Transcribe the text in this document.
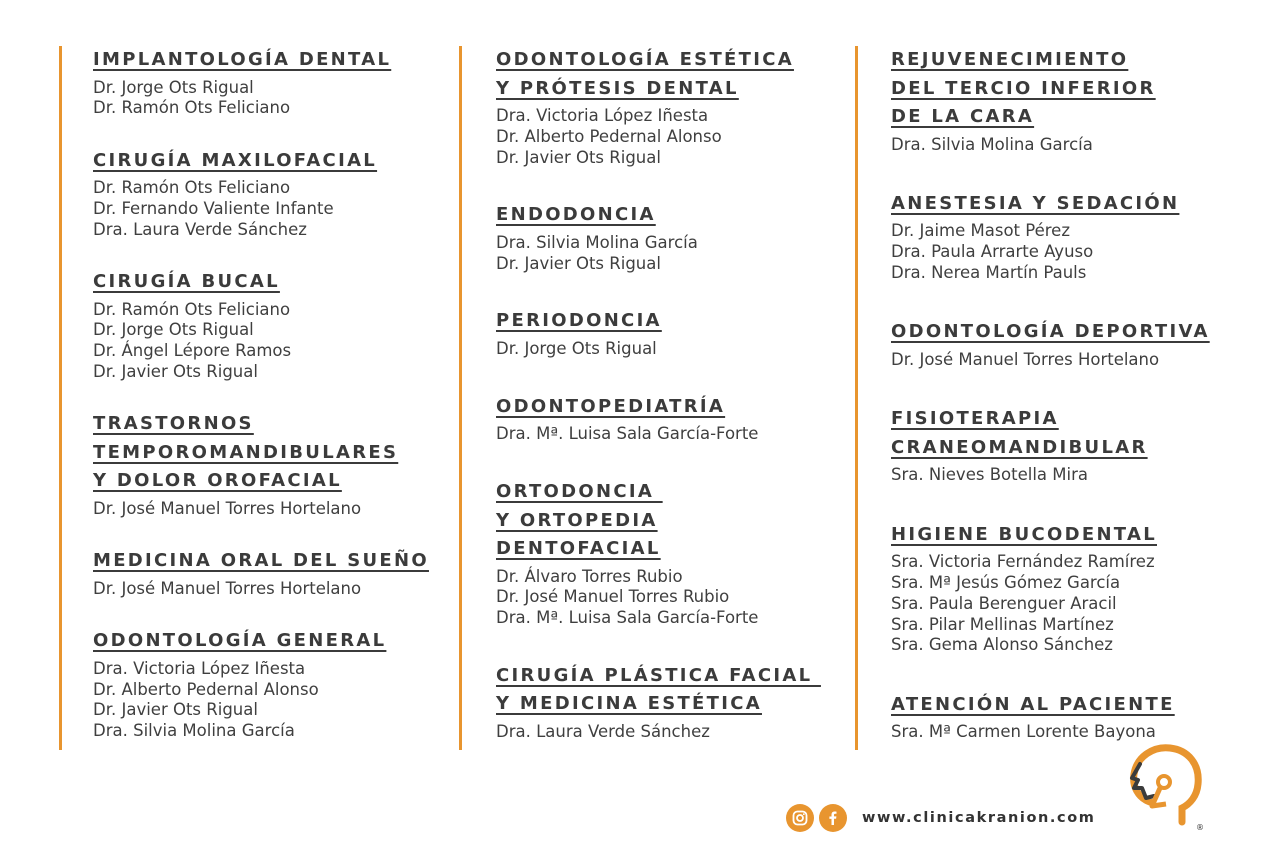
IMPLANTOLOGÍA DENTAL
Dr. Jorge Ots Rigual
Dr. Ramón Ots Feliciano
CIRUGÍA MAXILOFACIAL
Dr. Ramón Ots Feliciano
Dr. Fernando Valiente Infante
Dra. Laura Verde Sánchez
CIRUGÍA BUCAL
Dr. Ramón Ots Feliciano
Dr. Jorge Ots Rigual
Dr. Ángel Lépore Ramos
Dr. Javier Ots Rigual
TRASTORNOS
TEMPOROMANDIBULARES
Y DOLOR OROFACIAL
Dr. José Manuel Torres Hortelano
MEDICINA ORAL DEL SUEÑO
Dr. José Manuel Torres Hortelano
ODONTOLOGÍA GENERAL
Dra. Victoria López Iñesta
Dr. Alberto Pedernal Alonso
Dr. Javier Ots Rigual
Dra. Silvia Molina García
ODONTOLOGÍA ESTÉTICA
Y PRÓTESIS DENTAL
Dra. Victoria López Iñesta
Dr. Alberto Pedernal Alonso
Dr. Javier Ots Rigual
ENDODONCIA
Dra. Silvia Molina García
Dr. Javier Ots Rigual
PERIODONCIA
Dr. Jorge Ots Rigual
ODONTOPEDIATRÍA
Dra. Mª. Luisa Sala García-Forte
ORTODONCIA
Y ORTOPEDIA
DENTOFACIAL
Dr. Álvaro Torres Rubio
Dr. José Manuel Torres Rubio
Dra. Mª. Luisa Sala García-Forte
CIRUGÍA PLÁSTICA FACIAL
Y MEDICINA ESTÉTICA
Dra. Laura Verde Sánchez
REJUVENECIMIENTO
DEL TERCIO INFERIOR
DE LA CARA
Dra. Silvia Molina García
ANESTESIA Y SEDACIÓN
Dr. Jaime Masot Pérez
Dra. Paula Arrarte Ayuso
Dra. Nerea Martín Pauls
ODONTOLOGÍA DEPORTIVA
Dr. José Manuel Torres Hortelano
FISIOTERAPIA
CRANEOMANDIBULAR
Sra. Nieves Botella Mira
HIGIENE BUCODENTAL
Sra. Victoria Fernández Ramírez
Sra. Mª Jesús Gómez García
Sra. Paula Berenguer Aracil
Sra. Pilar Mellinas Martínez
Sra. Gema Alonso Sánchez
ATENCIÓN AL PACIENTE
Sra. Mª Carmen Lorente Bayona
www.clinicakranion.com
®
